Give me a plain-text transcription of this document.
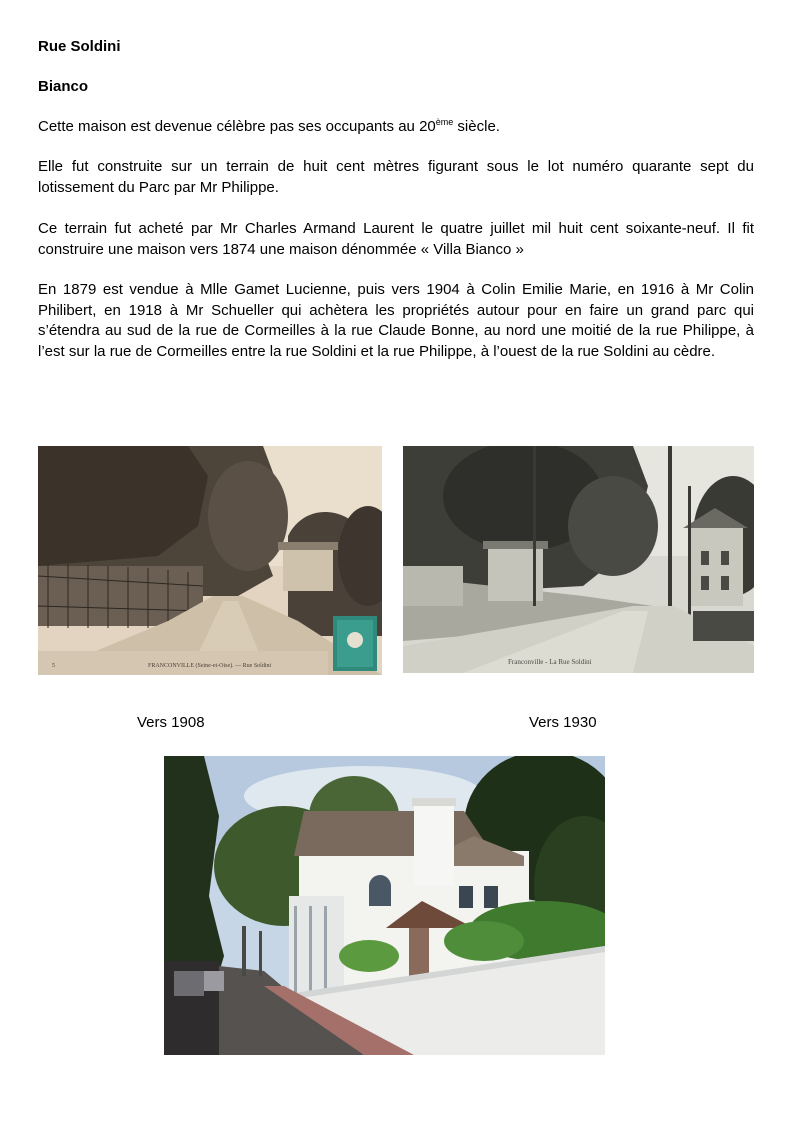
Rue Soldini
Bianco
Cette maison est devenue célèbre pas ses occupants au 20ème siècle.
Elle fut construite sur un terrain de huit cent mètres figurant sous le lot numéro quarante sept du lotissement du Parc par Mr Philippe.
Ce terrain fut acheté par Mr Charles Armand Laurent le quatre juillet mil huit cent soixante-neuf. Il fit construire une maison vers 1874 une maison dénommée « Villa Bianco »
En 1879 est vendue à Mlle Gamet Lucienne, puis vers 1904 à Colin Emilie Marie, en 1916 à Mr Colin Philibert, en 1918 à Mr Schueller qui achètera les propriétés autour pour en faire un grand parc qui s’étendra au sud de la rue de Cormeilles à la rue Claude Bonne, au nord une moitié de la rue Philippe, à l’est sur la rue de Cormeilles entre la rue Soldini et la rue Philippe, à l’ouest de la rue Soldini au cèdre.
FRANCONVILLE (Seine-et-Oise). — Rue Soldini
5	Franconville - La Rue Soldini
Vers 1908	Vers 1930
